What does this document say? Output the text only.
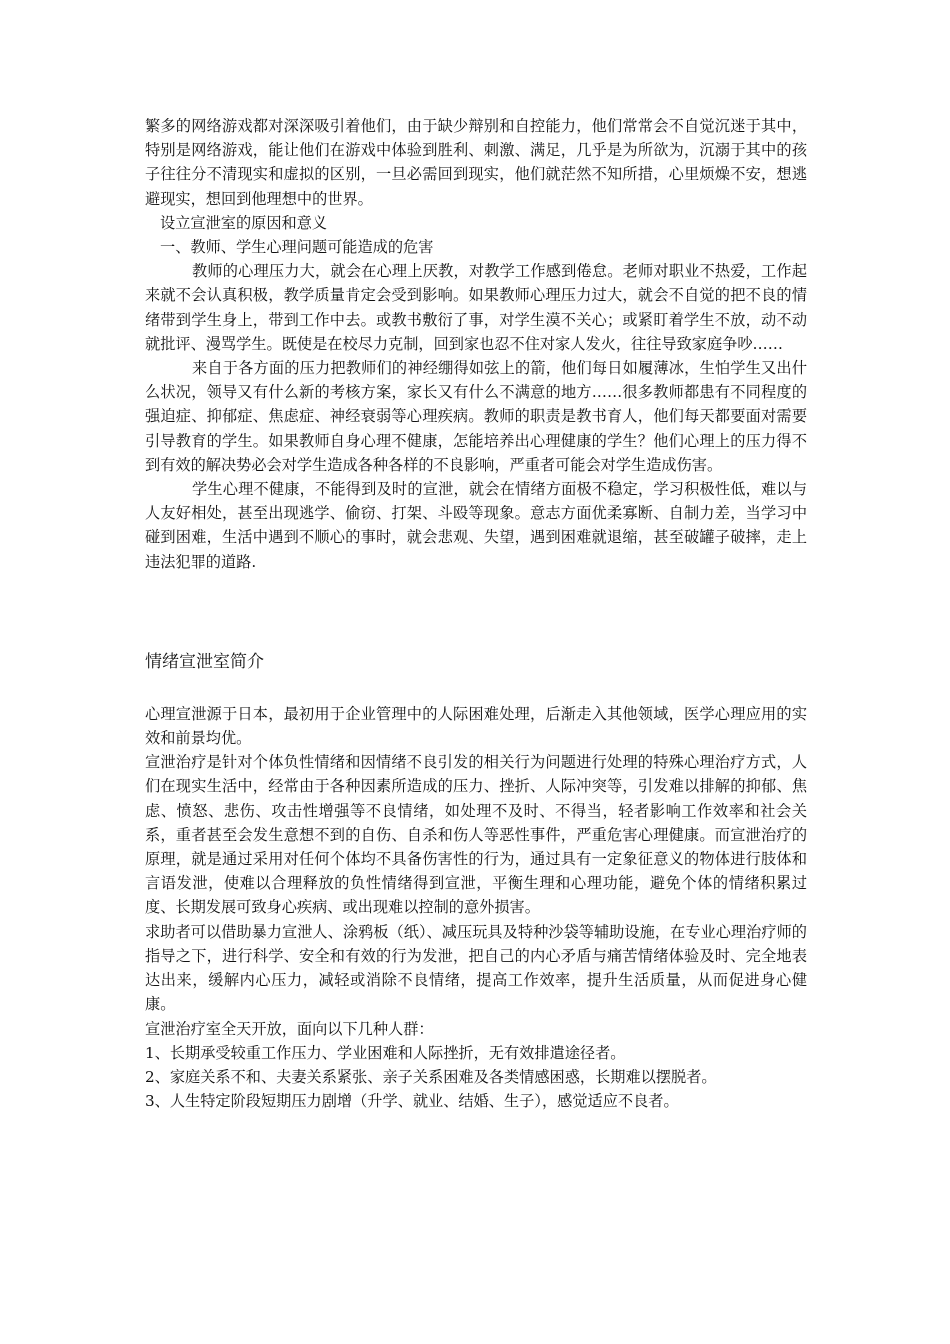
繁多的网络游戏都对深深吸引着他们，由于缺少辩别和自控能力，他们常常会不自觉沉迷于其中，特别是网络游戏，能让他们在游戏中体验到胜利、刺激、满足，几乎是为所欲为，沉溺于其中的孩子往往分不清现实和虚拟的区别，一旦必需回到现实，他们就茫然不知所措，心里烦燥不安，想逃避现实，想回到他理想中的世界。

设立宣泄室的原因和意义

一、教师、学生心理问题可能造成的危害

教师的心理压力大，就会在心理上厌教，对教学工作感到倦怠。老师对职业不热爱，工作起来就不会认真积极，教学质量肯定会受到影响。如果教师心理压力过大，就会不自觉的把不良的情绪带到学生身上，带到工作中去。或教书敷衍了事，对学生漠不关心；或紧盯着学生不放，动不动就批评、漫骂学生。既使是在校尽力克制，回到家也忍不住对家人发火，往往导致家庭争吵……

来自于各方面的压力把教师们的神经绷得如弦上的箭，他们每日如履薄冰，生怕学生又出什么状况，领导又有什么新的考核方案，家长又有什么不满意的地方……很多教师都患有不同程度的强迫症、抑郁症、焦虑症、神经衰弱等心理疾病。教师的职责是教书育人，他们每天都要面对需要引导教育的学生。如果教师自身心理不健康，怎能培养出心理健康的学生？他们心理上的压力得不到有效的解决势必会对学生造成各种各样的不良影响，严重者可能会对学生造成伤害。

学生心理不健康，不能得到及时的宣泄，就会在情绪方面极不稳定，学习积极性低，难以与人友好相处，甚至出现逃学、偷窃、打架、斗殴等现象。意志方面优柔寡断、自制力差，当学习中碰到困难，生活中遇到不顺心的事时，就会悲观、失望，遇到困难就退缩，甚至破罐子破摔，走上违法犯罪的道路.

情绪宣泄室简介

心理宣泄源于日本，最初用于企业管理中的人际困难处理，后渐走入其他领域，医学心理应用的实效和前景均优。

宣泄治疗是针对个体负性情绪和因情绪不良引发的相关行为问题进行处理的特殊心理治疗方式，人们在现实生活中，经常由于各种因素所造成的压力、挫折、人际冲突等，引发难以排解的抑郁、焦虑、愤怒、悲伤、攻击性增强等不良情绪，如处理不及时、不得当，轻者影响工作效率和社会关系，重者甚至会发生意想不到的自伤、自杀和伤人等恶性事件，严重危害心理健康。而宣泄治疗的原理，就是通过采用对任何个体均不具备伤害性的行为，通过具有一定象征意义的物体进行肢体和言语发泄，使难以合理释放的负性情绪得到宣泄，平衡生理和心理功能，避免个体的情绪积累过度、长期发展可致身心疾病、或出现难以控制的意外损害。

求助者可以借助暴力宣泄人、涂鸦板（纸）、减压玩具及特种沙袋等辅助设施，在专业心理治疗师的指导之下，进行科学、安全和有效的行为发泄，把自己的内心矛盾与痛苦情绪体验及时、完全地表达出来，缓解内心压力，减轻或消除不良情绪，提高工作效率，提升生活质量，从而促进身心健康。

宣泄治疗室全天开放，面向以下几种人群：

1、长期承受较重工作压力、学业困难和人际挫折，无有效排遣途径者。

2、家庭关系不和、夫妻关系紧张、亲子关系困难及各类情感困惑，长期难以摆脱者。

3、人生特定阶段短期压力剧增（升学、就业、结婚、生子），感觉适应不良者。
